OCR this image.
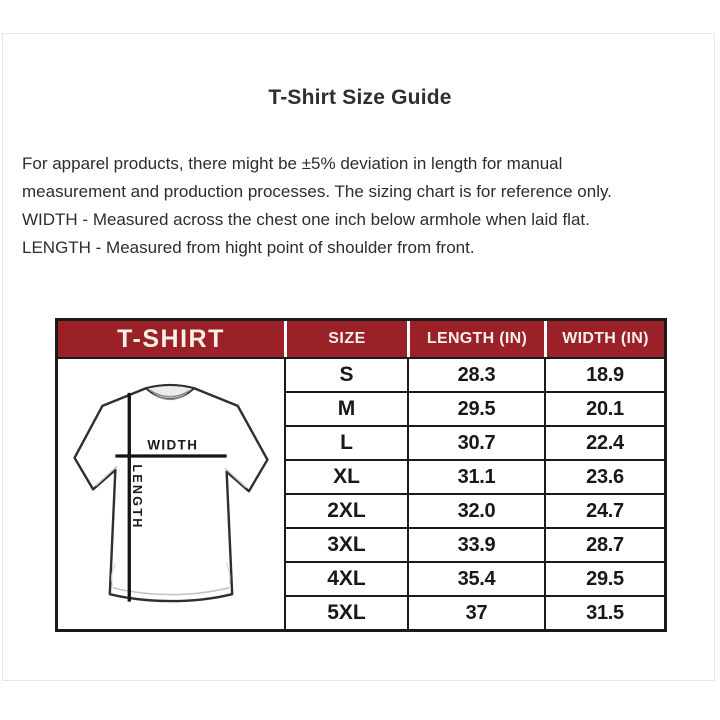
T-Shirt Size Guide

For apparel products, there might be ±5% deviation in length for manual measurement and production processes. The sizing chart is for reference only.

WIDTH - Measured across the chest one inch below armhole when laid flat.

LENGTH - Measured from hight point of shoulder from front.

T-SHIRT	SIZE	LENGTH (IN)	WIDTH (IN)
WIDTH
LENGTH
S	28.3	18.9
M	29.5	20.1
L	30.7	22.4
XL	31.1	23.6
2XL	32.0	24.7
3XL	33.9	28.7
4XL	35.4	29.5
5XL	37	31.5
